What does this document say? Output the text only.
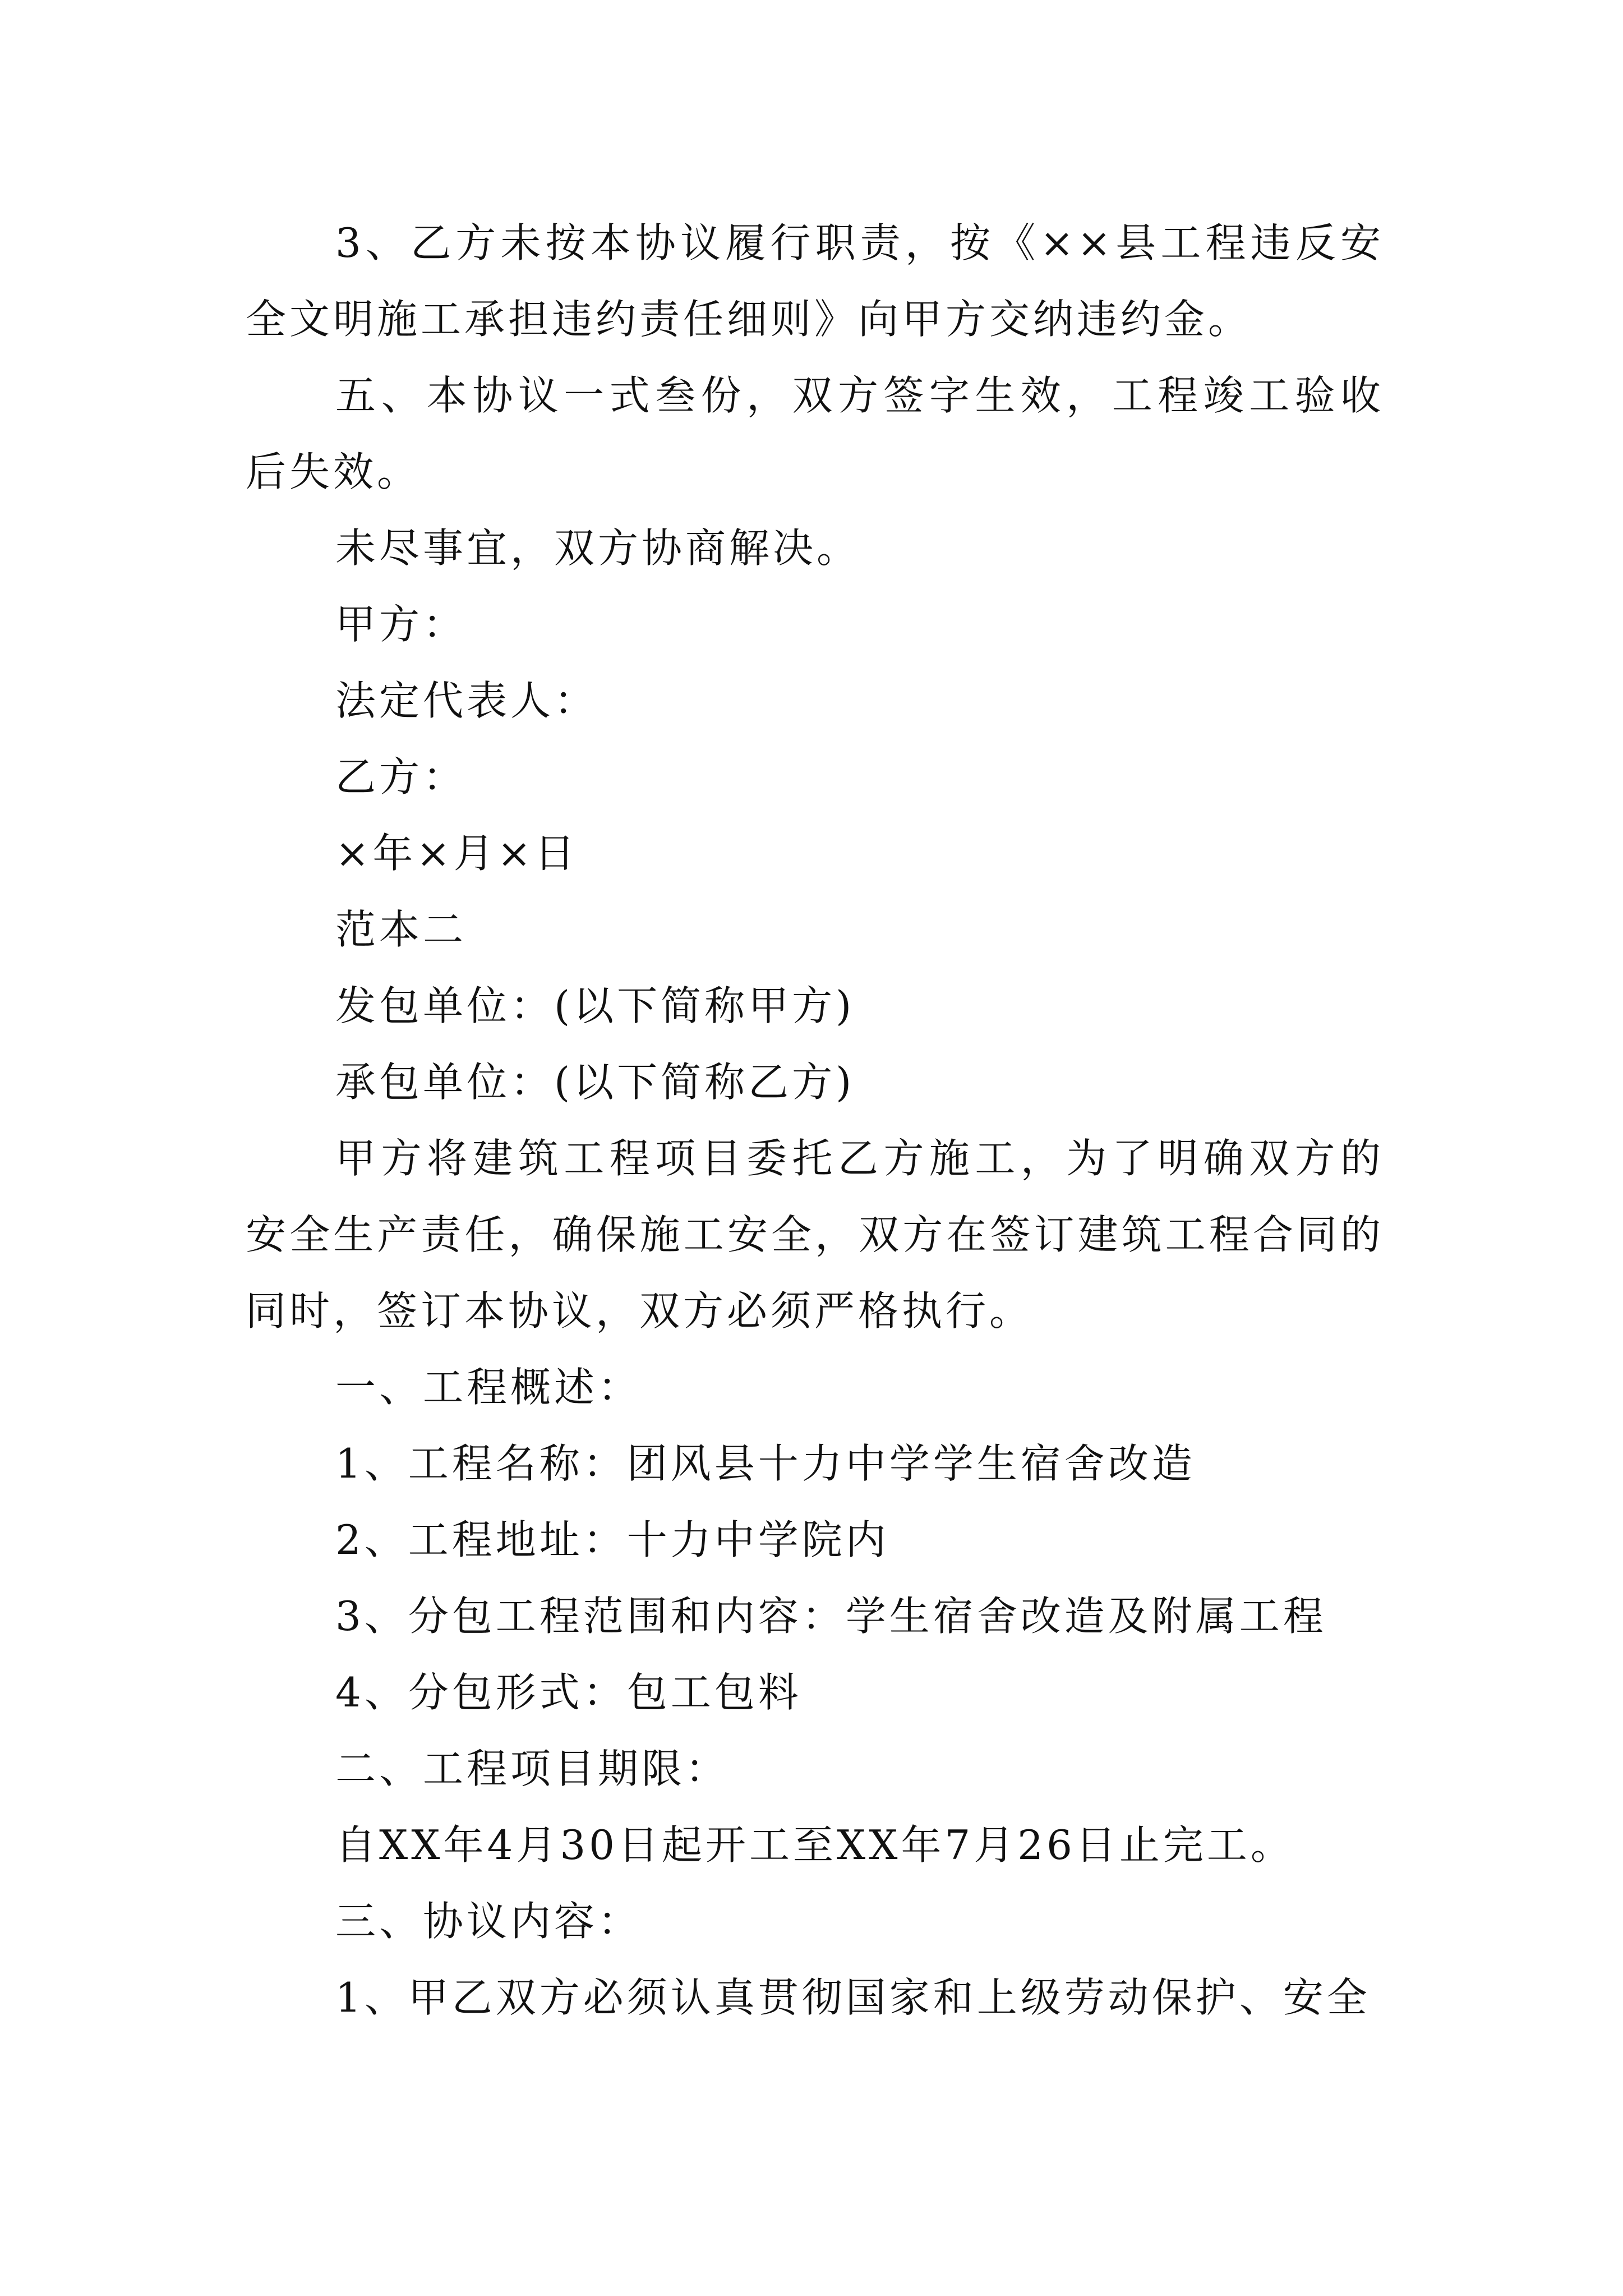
3、乙方未按本协议履行职责，按《××县工程违反安全文明施工承担违约责任细则》向甲方交纳违约金。

五、本协议一式叁份，双方签字生效，工程竣工验收后失效。

未尽事宜，双方协商解决。

甲方：

法定代表人：

乙方：

×年×月×日

范本二

发包单位：(以下简称甲方)

承包单位：(以下简称乙方)

甲方将建筑工程项目委托乙方施工，为了明确双方的安全生产责任，确保施工安全，双方在签订建筑工程合同的同时，签订本协议，双方必须严格执行。

一、工程概述：

1、工程名称：团风县十力中学学生宿舍改造

2、工程地址：十力中学院内

3、分包工程范围和内容：学生宿舍改造及附属工程

4、分包形式：包工包料

二、工程项目期限：

自XX年4月30日起开工至XX年7月26日止完工。

三、协议内容：

1、甲乙双方必须认真贯彻国家和上级劳动保护、安全
